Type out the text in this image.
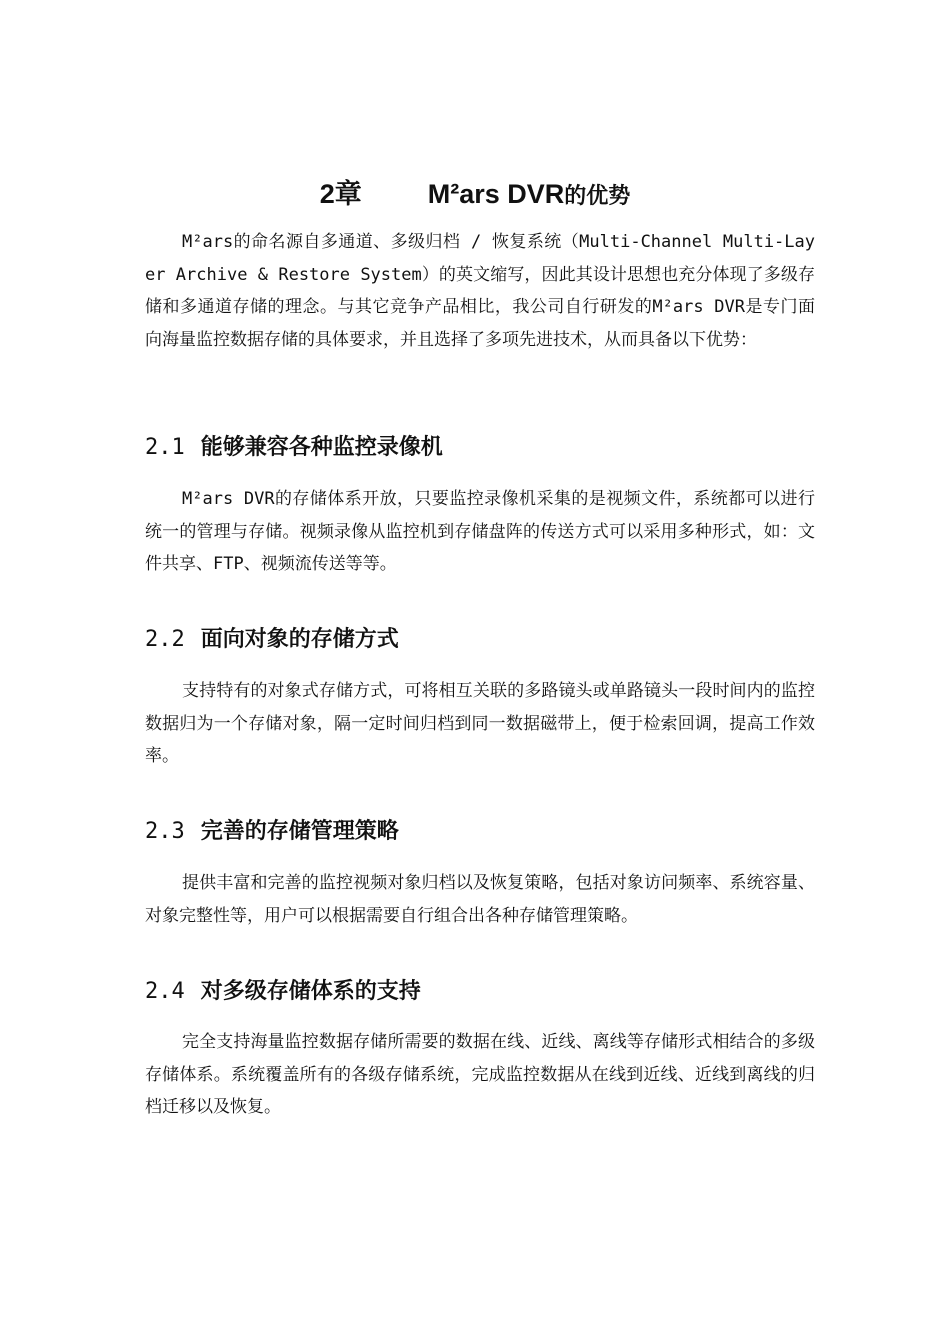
2章 M²ars DVR的优势

M²ars的命名源自多通道、多级归档 / 恢复系统（Multi-Channel Multi-Layer Archive & Restore System）的英文缩写，因此其设计思想也充分体现了多级存储和多通道存储的理念。与其它竞争产品相比，我公司自行研发的M²ars DVR是专门面向海量监控数据存储的具体要求，并且选择了多项先进技术，从而具备以下优势：

2.1 能够兼容各种监控录像机

M²ars DVR的存储体系开放，只要监控录像机采集的是视频文件，系统都可以进行统一的管理与存储。视频录像从监控机到存储盘阵的传送方式可以采用多种形式，如：文件共享、FTP、视频流传送等等。

2.2 面向对象的存储方式

支持特有的对象式存储方式，可将相互关联的多路镜头或单路镜头一段时间内的监控数据归为一个存储对象，隔一定时间归档到同一数据磁带上，便于检索回调，提高工作效率。

2.3 完善的存储管理策略

提供丰富和完善的监控视频对象归档以及恢复策略，包括对象访问频率、系统容量、对象完整性等，用户可以根据需要自行组合出各种存储管理策略。

2.4 对多级存储体系的支持

完全支持海量监控数据存储所需要的数据在线、近线、离线等存储形式相结合的多级存储体系。系统覆盖所有的各级存储系统，完成监控数据从在线到近线、近线到离线的归档迁移以及恢复。
